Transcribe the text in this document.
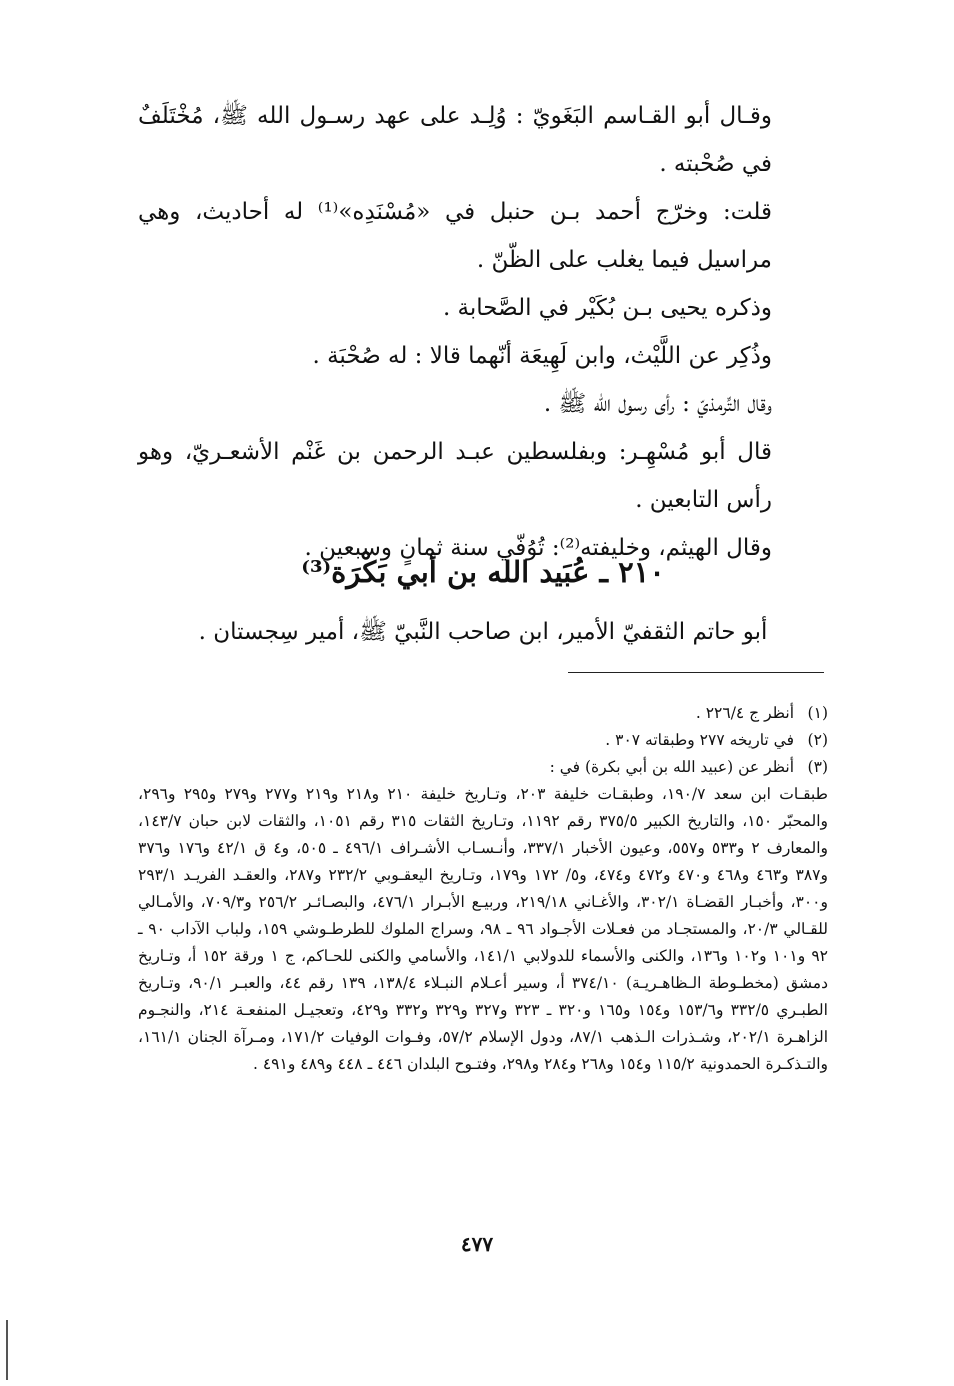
وقـال أبو القـاسم البَغَويّ : وُلِـد على عهد رسـول الله ﷺ، مُخْتَلَفٌ في صُحْبته .

قلت: وخرّج أحمد بـن حنبل في «مُسْنَدِه»⁽¹⁾ له أحاديث، وهي مراسيل فيما يغلب على الظّنّ .

وذكره يحيى بـن بُكَيْر في الصَّحابة .

وذُكِر عن اللَّيْث، وابن لَهِيعَة أنّهما قالا : له صُحْبَة .

وقال التِّرمذيّ : رأى رسول الله ﷺ .

قال أبو مُسْهِـر: وبفلسطين عبـد الرحمن بن غَنْم الأشعـريّ، وهو رأس التابعين .

وقال الهيثم، وخليفته⁽²⁾: تُوُفّي سنة ثمانٍ وسبعين .

٢١٠ ـ عُبَيد الله بن أبي بَكْرَة⁽³⁾

أبو حاتم الثقفيّ الأمير، ابن صاحب النَّبيّ ﷺ، أمير سِجستان .

(١)أنظر ج ٢٢٦/٤ .

(٢)في تاريخه ٢٧٧ وطبقاته ٣٠٧ .

(٣)أنظر عن (عبيد الله بن أبي بكرة) في :

طبقـات ابن سعد ١٩٠/٧، وطبقـات خليفة ٢٠٣، وتـاريخ خليفة ٢١٠ و٢١٨ و٢١٩ و٢٧٧ و٢٧٩ و٢٩٥ و٢٩٦، والمحبّر ١٥٠، والتاريخ الكبير ٣٧٥/٥ رقم ١١٩٢، وتـاريخ الثقات ٣١٥ رقم ١٠٥١، والثقات لابن حبان ١٤٣/٧، والمعارف ٢ و٥٣٣ و٥٥٧، وعيون الأخبار ٣٣٧/١، وأنـسـاب الأشـراف ٤٩٦/١ ـ ٥٠٥، و٤ ق ٤٢/١ و١٧٦ و٣٧٦ و٣٨٧ و٤٦٣ و٤٦٨ و٤٧٠ و٤٧٢ و٤٧٤، و٥/ ١٧٢ و١٧٩، وتـاريخ اليعقـوبي ٢٣٢/٢ و٢٨٧، والعقـد الفريـد ٢٩٣/١ و٣٠٠، وأخبـار القضـاة ٣٠٢/١، والأغـاني ٢١٩/١٨، وربيـع الأبـرار ٤٧٦/١، والبصـائـر ٢٥٦/٢ و٧٠٩/٣، والأمـالي للقـالي ٢٠/٣، والمستجـاد من فعـلات الأجـواد ٩٦ ـ ٩٨، وسراج الملوك للطرطـوشي ١٥٩، ولباب الآداب ٩٠ ـ ٩٢ و١٠١ و١٠٢ و١٣٦، والكنى والأسماء للدولابي ١٤١/١، والأسامي والكنى للحـاكم، ج ١ ورقة ١٥٢ أ، وتـاريخ دمشق (مخطـوطة الـظاهـريـة) ٣٧٤/١٠ أ، وسير أعـلام النبـلاء ١٣٨/٤، ١٣٩ رقم ٤٤، والعبـر ٩٠/١، وتـاريخ الطبـري ٣٣٢/٥ و١٥٣/٦ و١٥٤ و١٦٥ و٣٢٠ ـ ٣٢٣ و٣٢٧ و٣٢٩ و٣٣٢ و٤٢٩، وتعجيـل المنفعـة ٢١٤، والنجـوم الزاهـرة ٢٠٢/١، وشـذرات الـذهب ٨٧/١، ودول الإسلام ٥٧/٢، وفـوات الوفيات ١٧١/٢، ومـرآة الجنان ١٦١/١، والتـذكـرة الحمدونية ١١٥/٢ و١٥٤ و٢٦٨ و٢٨٤ و٢٩٨، وفتـوح البلدان ٤٤٦ ـ ٤٤٨ و٤٨٩ و٤٩١ .

٤٧٧
